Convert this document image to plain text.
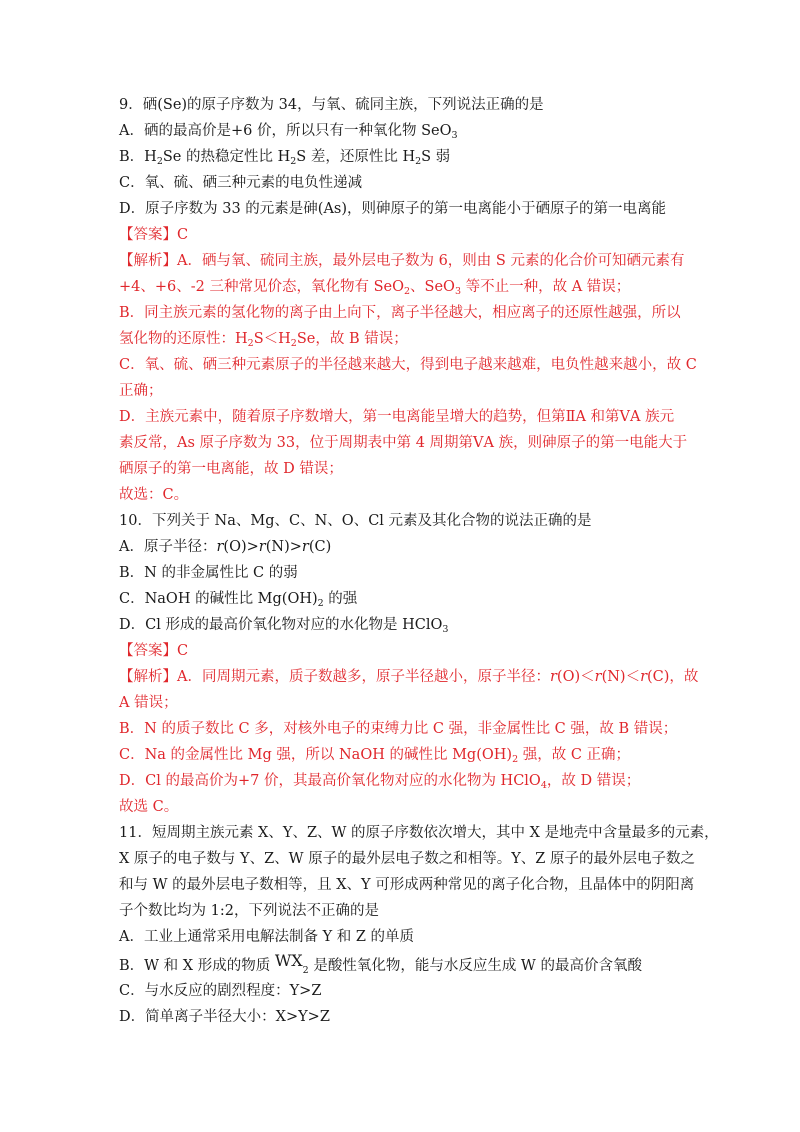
9．硒(Se)的原子序数为 34，与氧、硫同主族，下列说法正确的是
A．硒的最高价是+6 价，所以只有一种氧化物 SeO$_3$
B．$H_2Se$ 的热稳定性比 $H_2S$ 差，还原性比 $H_2S$ 弱
C．氧、硫、硒三种元素的电负性递减
D．原子序数为 33 的元素是砷(As)，则砷原子的第一电离能小于硒原子的第一电离能
【答案】C
【解析】A．硒与氧、硫同主族，最外层电子数为 6，则由 S 元素的化合价可知硒元素有
+4、+6、-2 三种常见价态，氧化物有 SeO$_2$、SeO$_3$ 等不止一种，故 A 错误；
B．同主族元素的氢化物的离子由上向下，离子半径越大，相应离子的还原性越强，所以
氢化物的还原性：$H_2S<H_2Se$，故 B 错误；
C．氧、硫、硒三种元素原子的半径越来越大，得到电子越来越难，电负性越来越小，故 C
正确；
D．主族元素中，随着原子序数增大，第一电离能呈增大的趋势，但第ⅡA 和第ⅤA 族元
素反常，As 原子序数为 33，位于周期表中第 4 周期第ⅤA 族，则砷原子的第一电能大于
硒原子的第一电离能，故 D 错误；
故选：C。
10．下列关于 Na、Mg、C、N、O、Cl 元素及其化合物的说法正确的是
A．原子半径：r(O)>r(N)>r(C)
B．N 的非金属性比 C 的弱
C．NaOH 的碱性比 $Mg(OH)_2$ 的强
D．Cl 形成的最高价氧化物对应的水化物是 HClO$_3$
【答案】C
【解析】A．同周期元素，质子数越多，原子半径越小，原子半径：r(O)＜r(N)＜r(C)，故
A 错误；
B．N 的质子数比 C 多，对核外电子的束缚力比 C 强，非金属性比 C 强，故 B 错误；
C．Na 的金属性比 Mg 强，所以 NaOH 的碱性比 $Mg(OH)_2$ 强，故 C 正确；
D．Cl 的最高价为+7 价，其最高价氧化物对应的水化物为 HClO$_4$，故 D 错误；
故选 C。
11．短周期主族元素 X、Y、Z、W 的原子序数依次增大，其中 X 是地壳中含量最多的元素，
X 原子的电子数与 Y、Z、W 原子的最外层电子数之和相等。Y、Z 原子的最外层电子数之
和与 W 的最外层电子数相等，且 X、Y 可形成两种常见的离子化合物，且晶体中的阴阳离
子个数比均为 1:2，下列说法不正确的是
A．工业上通常采用电解法制备 Y 和 Z 的单质
B．W 和 X 形成的物质 $WX_2$ 是酸性氧化物，能与水反应生成 W 的最高价含氧酸
C．与水反应的剧烈程度：Y>Z
D．简单离子半径大小：X>Y>Z
